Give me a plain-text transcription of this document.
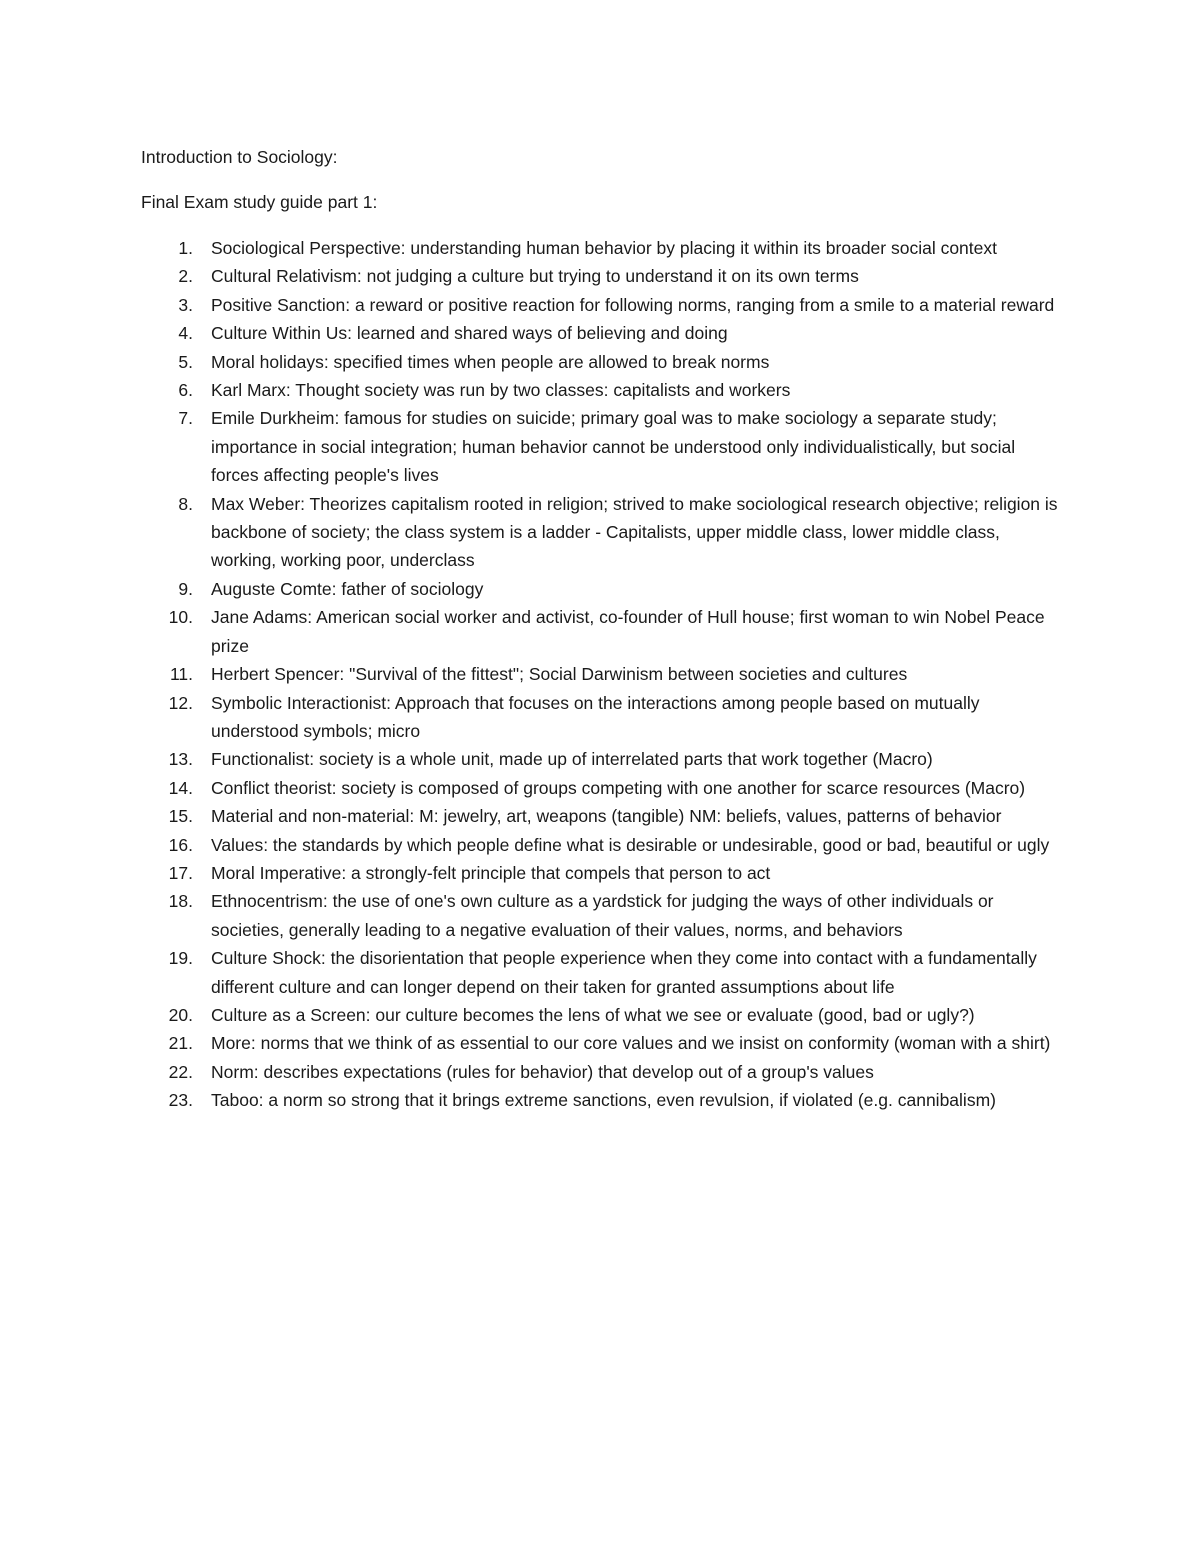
Introduction to Sociology:
Final Exam study guide part 1:
1. Sociological Perspective: understanding human behavior by placing it within its broader social context
2. Cultural Relativism: not judging a culture but trying to understand it on its own terms
3. Positive Sanction: a reward or positive reaction for following norms, ranging from a smile to a material reward
4. Culture Within Us: learned and shared ways of believing and doing
5. Moral holidays: specified times when people are allowed to break norms
6. Karl Marx: Thought society was run by two classes: capitalists and workers
7. Emile Durkheim: famous for studies on suicide; primary goal was to make sociology a separate study; importance in social integration; human behavior cannot be understood only individualistically, but social forces affecting people's lives
8. Max Weber: Theorizes capitalism rooted in religion; strived to make sociological research objective; religion is backbone of society; the class system is a ladder - Capitalists, upper middle class, lower middle class, working, working poor, underclass
9. Auguste Comte: father of sociology
10. Jane Adams: American social worker and activist, co-founder of Hull house; first woman to win Nobel Peace prize
11. Herbert Spencer: "Survival of the fittest"; Social Darwinism between societies and cultures
12. Symbolic Interactionist: Approach that focuses on the interactions among people based on mutually understood symbols; micro
13. Functionalist: society is a whole unit, made up of interrelated parts that work together (Macro)
14. Conflict theorist: society is composed of groups competing with one another for scarce resources (Macro)
15. Material and non-material: M: jewelry, art, weapons (tangible) NM: beliefs, values, patterns of behavior
16. Values: the standards by which people define what is desirable or undesirable, good or bad, beautiful or ugly
17. Moral Imperative: a strongly-felt principle that compels that person to act
18. Ethnocentrism: the use of one's own culture as a yardstick for judging the ways of other individuals or societies, generally leading to a negative evaluation of their values, norms, and behaviors
19. Culture Shock: the disorientation that people experience when they come into contact with a fundamentally different culture and can longer depend on their taken for granted assumptions about life
20. Culture as a Screen: our culture becomes the lens of what we see or evaluate (good, bad or ugly?)
21. More: norms that we think of as essential to our core values and we insist on conformity (woman with a shirt)
22. Norm: describes expectations (rules for behavior) that develop out of a group's values
23. Taboo: a norm so strong that it brings extreme sanctions, even revulsion, if violated (e.g. cannibalism)
